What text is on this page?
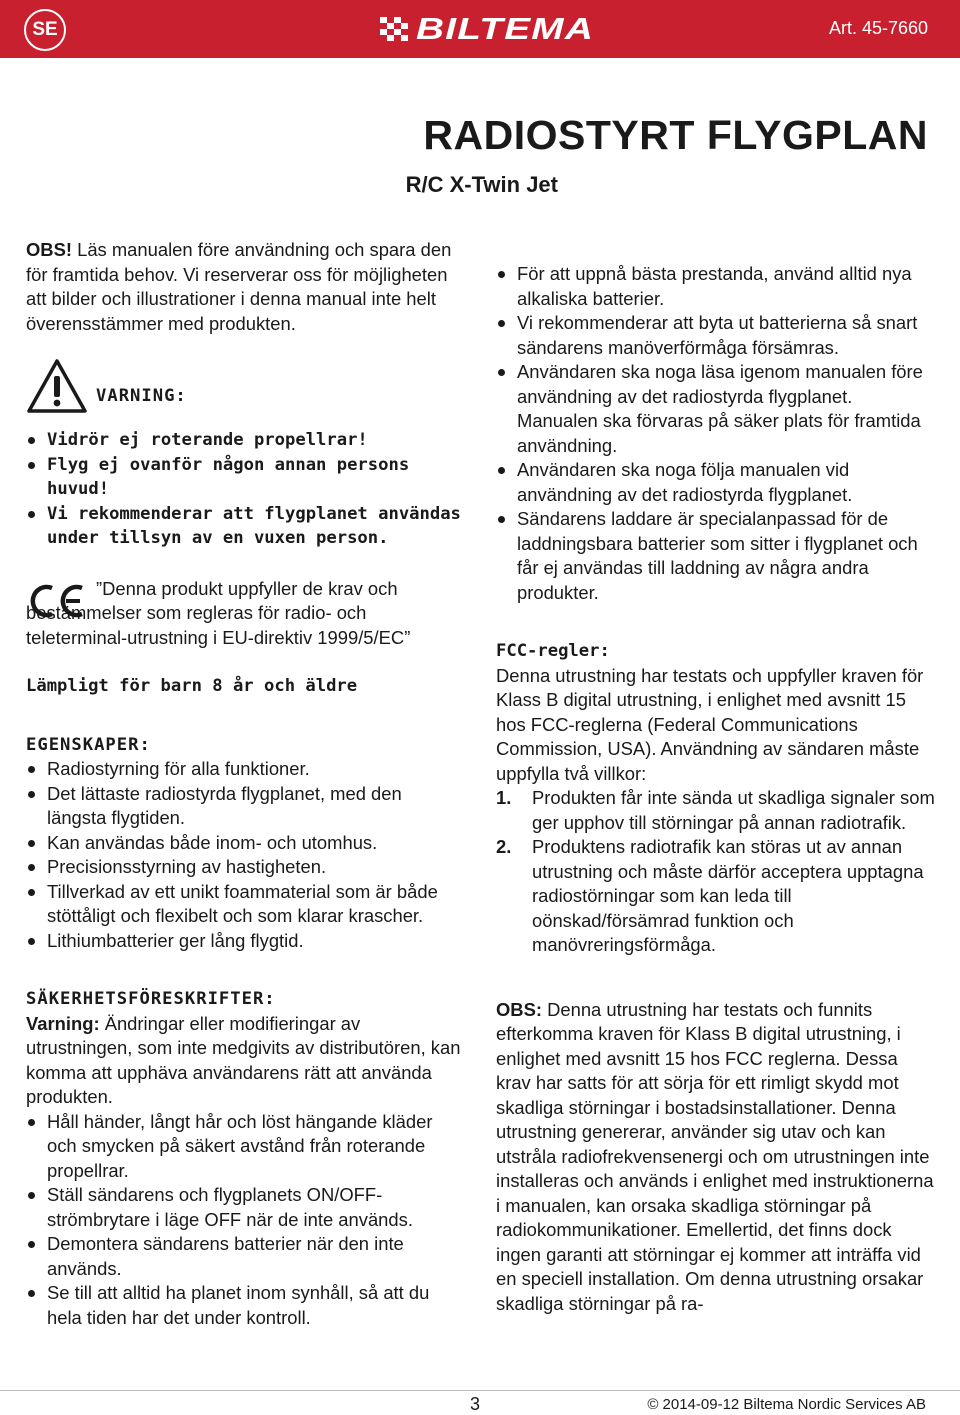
SE	BILTEMA	Art. 45-7660
RADIOSTYRT FLYGPLAN
R/C X-Twin Jet

OBS! Läs manualen före användning och spara den för framtida behov. Vi reserverar oss för möjligheten att bilder och illustrationer i denna manual inte helt överensstämmer med produkten.

VARNING:
Vidrör ej roterande propellrar!
Flyg ej ovanför någon annan persons huvud!
Vi rekommenderar att flygplanet användas under tillsyn av en vuxen person.

”Denna produkt uppfyller de krav och bestämmelser som regleras för radio- och teleterminal-utrustning i EU-direktiv 1999/5/EC”

Lämpligt för barn 8 år och äldre

EGENSKAPER:

Radiostyrning för alla funktioner.
Det lättaste radiostyrda flygplanet, med den längsta flygtiden.
Kan användas både inom- och utomhus.
Precisionsstyrning av hastigheten.
Tillverkad av ett unikt foammaterial som är både stöttåligt och flexibelt och som klarar krascher.
Lithiumbatterier ger lång flygtid.

SÄKERHETSFÖRESKRIFTER:

Varning: Ändringar eller modifieringar av utrustningen, som inte medgivits av distributören, kan komma att upphäva användarens rätt att använda produkten.

Håll händer, långt hår och löst hängande kläder och smycken på säkert avstånd från roterande propellrar.
Ställ sändarens och flygplanets ON/OFF-strömbrytare i läge OFF när de inte används.
Demontera sändarens batterier när den inte används.
Se till att alltid ha planet inom synhåll, så att du hela tiden har det under kontroll.
För att uppnå bästa prestanda, använd alltid nya alkaliska batterier.
Vi rekommenderar att byta ut batterierna så snart sändarens manöverförmåga försämras.
Användaren ska noga läsa igenom manualen före användning av det radiostyrda flygplanet. Manualen ska förvaras på säker plats för framtida användning.
Användaren ska noga följa manualen vid användning av det radiostyrda flygplanet.
Sändarens laddare är specialanpassad för de laddningsbara batterier som sitter i flygplanet och får ej användas till laddning av några andra produkter.

FCC-regler:

Denna utrustning har testats och uppfyller kraven för Klass B digital utrustning, i enlighet med avsnitt 15 hos FCC-reglerna (Federal Communications Commission, USA). Användning av sändaren måste uppfylla två villkor:

1. Produkten får inte sända ut skadliga signaler som ger upphov till störningar på annan radiotrafik.
2. Produktens radiotrafik kan störas ut av annan utrustning och måste därför acceptera upptagna radiostörningar som kan leda till oönskad/försämrad funktion och manövreringsförmåga.

OBS: Denna utrustning har testats och funnits efterkomma kraven för Klass B digital utrustning, i enlighet med avsnitt 15 hos FCC reglerna. Dessa krav har satts för att sörja för ett rimligt skydd mot skadliga störningar i bostadsinstallationer. Denna utrustning genererar, använder sig utav och kan utstråla radiofrekvensenergi och om utrustningen inte installeras och används i enlighet med instruktionerna i manualen, kan orsaka skadliga störningar på radiokommunikationer. Emellertid, det finns dock ingen garanti att störningar ej kommer att inträffa vid en speciell installation. Om denna utrustning orsakar skadliga störningar på ra-

3	© 2014-09-12 Biltema Nordic Services AB
